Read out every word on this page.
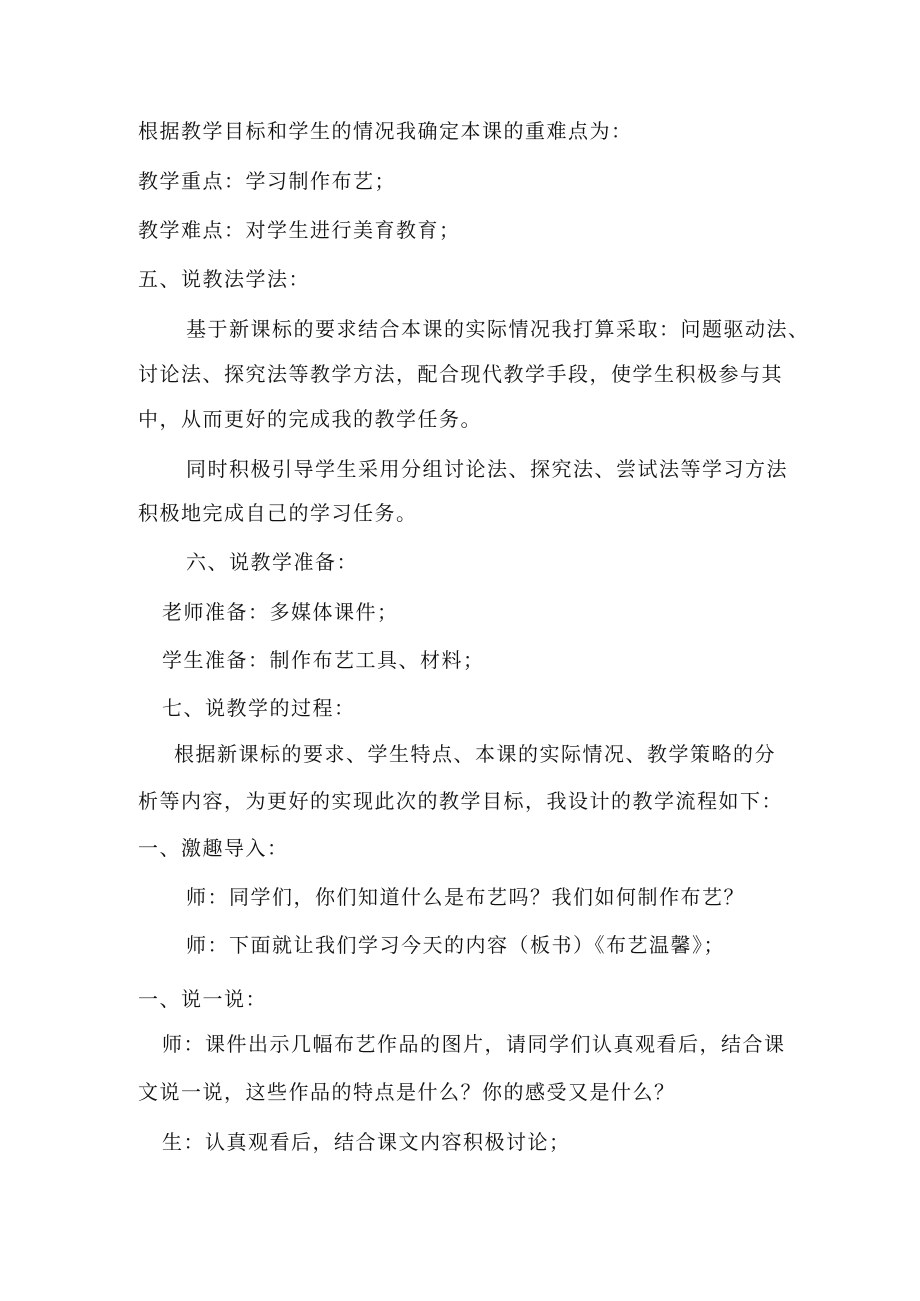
根据教学目标和学生的情况我确定本课的重难点为：
教学重点：学习制作布艺；
教学难点：对学生进行美育教育；
五、说教法学法：
基于新课标的要求结合本课的实际情况我打算采取：问题驱动法、
讨论法、探究法等教学方法，配合现代教学手段，使学生积极参与其
中，从而更好的完成我的教学任务。
同时积极引导学生采用分组讨论法、探究法、尝试法等学习方法
积极地完成自己的学习任务。
六、说教学准备：
老师准备：多媒体课件；
学生准备：制作布艺工具、材料；
七、说教学的过程：
根据新课标的要求、学生特点、本课的实际情况、教学策略的分
析等内容，为更好的实现此次的教学目标，我设计的教学流程如下：
一、激趣导入：
师：同学们，你们知道什么是布艺吗？我们如何制作布艺？
师：下面就让我们学习今天的内容（板书）《布艺温馨》；
一、说一说：
师：课件出示几幅布艺作品的图片，请同学们认真观看后，结合课
文说一说，这些作品的特点是什么？你的感受又是什么？
生：认真观看后，结合课文内容积极讨论；
